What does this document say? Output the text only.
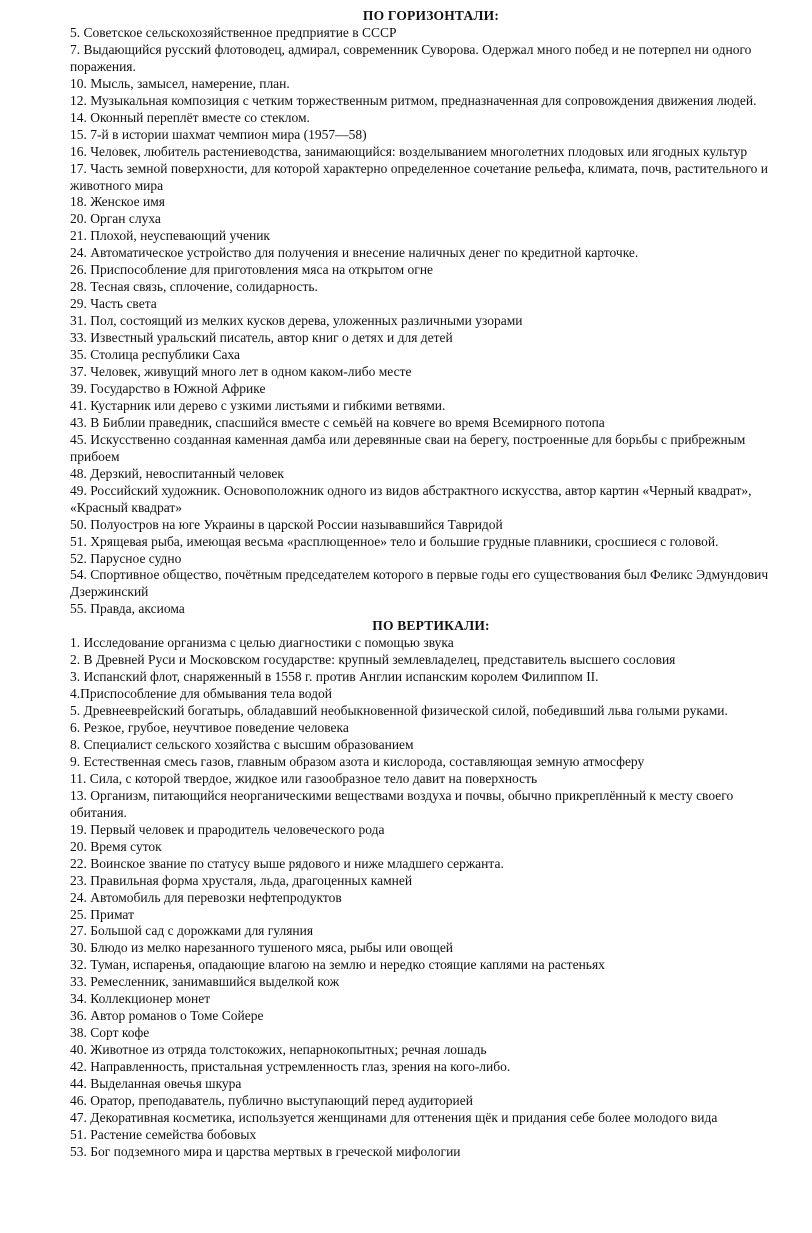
ПО ГОРИЗОНТАЛИ:
5. Советское сельскохозяйственное предприятие в СССР
7. Выдающийся русский флотоводец, адмирал, современник Суворова. Одержал много побед и не потерпел ни одного поражения.
10. Мысль, замысел, намерение, план.
12. Музыкальная композиция с четким торжественным ритмом, предназначенная для сопровождения движения людей.
14. Оконный переплёт вместе со стеклом.
15. 7-й в истории шахмат чемпион мира (1957—58)
16. Человек, любитель растениеводства, занимающийся: возделыванием многолетних плодовых или ягодных культур
17. Часть земной поверхности, для которой характерно определенное сочетание рельефа, климата, почв, растительного и животного мира
18. Женское имя
20. Орган слуха
21. Плохой, неуспевающий ученик
24. Автоматическое устройство для получения и внесение наличных денег по кредитной карточке.
26. Приспособление для приготовления мяса на открытом огне
28. Тесная связь, сплочение, солидарность.
29. Часть света
31. Пол, состоящий из мелких кусков дерева, уложенных различными узорами
33. Известный уральский писатель, автор книг о детях и для детей
35. Столица республики Саха
37. Человек, живущий много лет в одном каком-либо месте
39. Государство в Южной Африке
41. Кустарник или дерево с узкими листьями и гибкими ветвями.
43. В Библии праведник, спасшийся вместе с семьёй на ковчеге во время Всемирного потопа
45. Искусственно созданная каменная дамба или деревянные сваи на берегу, построенные для борьбы с прибрежным прибоем
48. Дерзкий, невоспитанный человек
49. Российский художник. Основоположник одного из видов абстрактного искусства, автор картин «Черный квадрат», «Красный квадрат»
50. Полуостров на юге Украины в царской России называвшийся Тавридой
51. Хрящевая рыба, имеющая весьма «расплющенное» тело и большие грудные плавники, сросшиеся с головой.
52. Парусное судно
54. Спортивное общество, почётным председателем которого в первые годы его существования был Феликс Эдмундович Дзержинский
55. Правда, аксиома
ПО ВЕРТИКАЛИ:
1. Исследование организма с целью диагностики с помощью звука
2. В Древней Руси и Московском государстве: крупный землевладелец, представитель высшего сословия
3. Испанский флот, снаряженный в 1558 г. против Англии испанским королем Филиппом II.
4.Приспособление для обмывания тела водой
5. Древнееврейский богатырь, обладавший необыкновенной физической силой, победивший льва голыми руками.
6. Резкое, грубое, неучтивое поведение человека
8. Специалист сельского хозяйства с высшим образованием
9. Естественная смесь газов, главным образом азота и кислорода, составляющая земную атмосферу
11. Сила, с которой твердое, жидкое или газообразное тело давит на поверхность
13. Организм, питающийся неорганическими веществами воздуха и почвы, обычно прикреплённый к месту своего обитания.
19. Первый человек и прародитель человеческого рода
20. Время суток
22. Воинское звание по статусу выше рядового и ниже младшего сержанта.
23. Правильная форма хрусталя, льда, драгоценных камней
24. Автомобиль для перевозки нефтепродуктов
25. Примат
27. Большой сад с дорожками для гуляния
30. Блюдо из мелко нарезанного тушеного мяса, рыбы или овощей
32. Туман, испаренья, опадающие влагою на землю и нередко стоящие каплями на растеньях
33. Ремесленник, занимавшийся выделкой кож
34. Коллекционер монет
36. Автор романов о Томе Сойере
38. Сорт кофе
40. Животное из отряда толстокожих, непарнокопытных; речная лошадь
42. Направленность, пристальная устремленность глаз, зрения на кого-либо.
44. Выделанная овечья шкура
46. Оратор, преподаватель, публично выступающий перед аудиторией
47. Декоративная косметика, используется женщинами для оттенения щёк и придания себе более молодого вида
51. Растение семейства бобовых
53. Бог подземного мира и царства мертвых в греческой мифологии
